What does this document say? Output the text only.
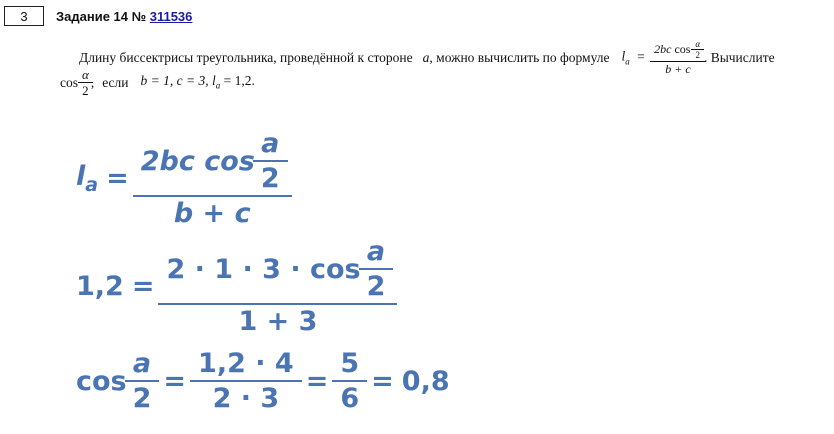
3	Задание 14 № 311536
Длину биссектрисы треугольника, проведённой к стороне a , можно вычислить по формуле $l_a = \frac{2bc \cos \frac{\alpha}{2}}{b + c}$ . Вычислите
$\cos \frac{\alpha}{2}$ , если b = 1, c = 3, $l_a = 1,2$.
$l_a = \frac{2bc \cos \frac{a}{2}}{b + c}$
$1,2 = \frac{2 \cdot 1 \cdot 3 \cdot \cos \frac{a}{2}}{1 + 3}$
$\cos \frac{a}{2} = \frac{1,2 \cdot 4}{2 \cdot 3} = \frac{5}{6} = 0,8$
